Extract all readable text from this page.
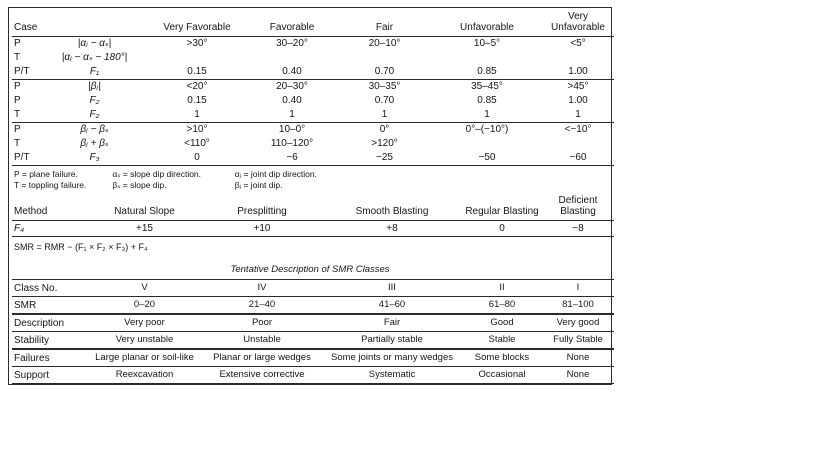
Case		Very Favorable	Favorable	Fair	Unfavorable	Very Unfavorable
P	|αⱼ − αₛ|	>30°	30–20°	20–10°	10–5°	<5°
T	|αⱼ − αₛ − 180°|					
P/T	F₁	0.15	0.40	0.70	0.85	1.00
P	|βⱼ|	<20°	20–30°	30–35°	35–45°	>45°
P	F₂	0.15	0.40	0.70	0.85	1.00
T	F₂	1	1	1	1	1
P	βⱼ − βₛ	>10°	10–0°	0°	0°–(−10°)	<−10°
T	βⱼ + βₛ	<110°	110–120°	>120°		
P/T	F₃	0	−6	−25	−50	−60
P = plane failure.	αₛ = slope dip direction.	αⱼ = joint dip direction.
T = toppling failure.	βₛ = slope dip.	βⱼ = joint dip.
Method	Natural Slope	Presplitting	Smooth Blasting	Regular Blasting	Deficient Blasting
F₄	+15	+10	+8	0	−8
SMR = RMR − (F₁ × F₂ × F₃) + F₄
Tentative Description of SMR Classes
Class No.	V	IV	III	II	I
SMR	0–20	21–40	41–60	61–80	81–100
Description	Very poor	Poor	Fair	Good	Very good
Stability	Very unstable	Unstable	Partially stable	Stable	Fully Stable
Failures	Large planar or soil-like	Planar or large wedges	Some joints or many wedges	Some blocks	None
Support	Reexcavation	Extensive corrective	Systematic	Occasional	None
